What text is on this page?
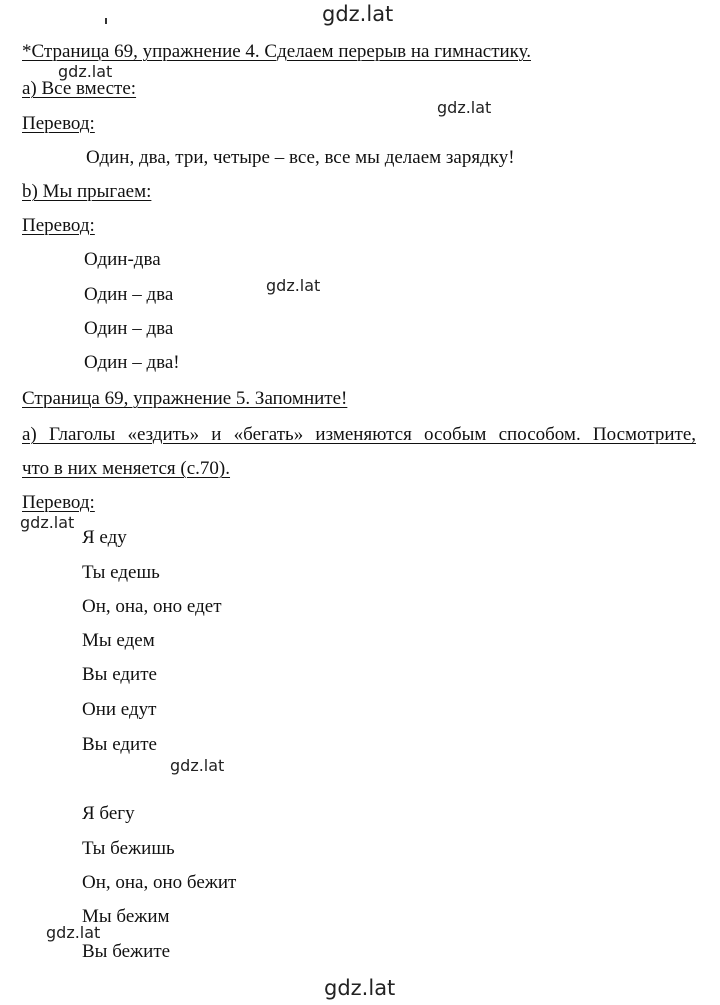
gdz.lat
*Страница 69, упражнение 4. Сделаем перерыв на гимнастику.
gdz.lat
a) Все вместе:
gdz.lat
Перевод:
Один, два, три, четыре – все, все мы делаем зарядку!
b) Мы прыгаем:
Перевод:
Один-два
Один – два	gdz.lat
Один – два
Один – два!
Страница 69, упражнение 5. Запомните!
а) Глаголы «ездить» и «бегать» изменяются особым способом. Посмотрите,
что в них меняется (с.70).
Перевод:
gdz.lat
Я еду
Ты едешь
Он, она, оно едет
Мы едем
Вы едите
Они едут
Вы едите
gdz.lat
Я бегу
Ты бежишь
Он, она, оно бежит
Мы бежим
gdz.lat
Вы бежите
gdz.lat
